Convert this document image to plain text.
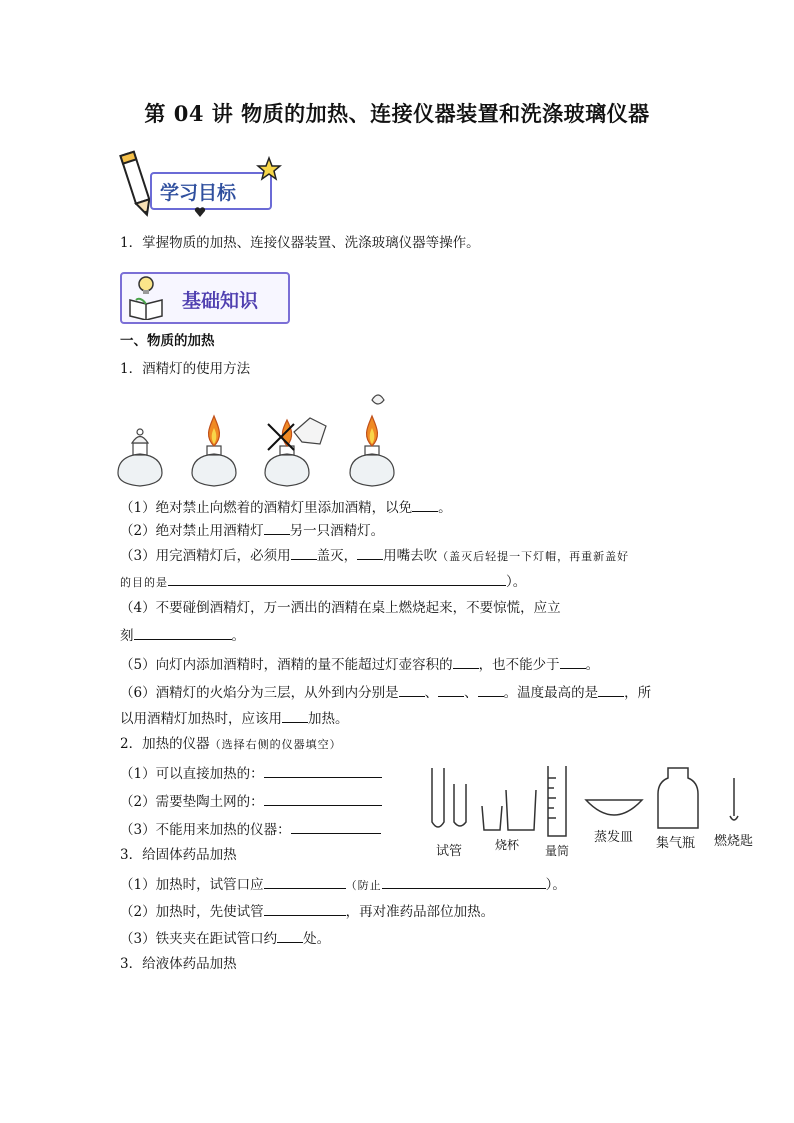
第 04 讲 物质的加热、连接仪器装置和洗涤玻璃仪器
学习目标
1．掌握物质的加热、连接仪器装置、洗涤玻璃仪器等操作。
基础知识
一、物质的加热
1．酒精灯的使用方法
（1）绝对禁止向燃着的酒精灯里添加酒精，以免 。
（2）绝对禁止用酒精灯 另一只酒精灯。
（3）用完酒精灯后，必须用 盖灭， 用嘴去吹（盖灭后轻提一下灯帽，再重新盖好
的目的是	）。
（4）不要碰倒酒精灯，万一洒出的酒精在桌上燃烧起来，不要惊慌，应立
刻	。
（5）向灯内添加酒精时，酒精的量不能超过灯壶容积的 ，也不能少于 。
（6）酒精灯的火焰分为三层，从外到内分别是 、 、 。温度最高的是 ，所
以用酒精灯加热时，应该用 加热。
2．加热的仪器（选择右侧的仪器填空）
（1）可以直接加热的：
（2）需要垫陶土网的：
（3）不能用来加热的仪器：
试管	烧杯 量筒
蒸发皿 集气瓶 燃烧匙
3．给固体药品加热
（1）加热时，试管口应	（防止	）。
（2）加热时，先使试管	，再对准药品部位加热。
（3）铁夹夹在距试管口约 处。
3．给液体药品加热
